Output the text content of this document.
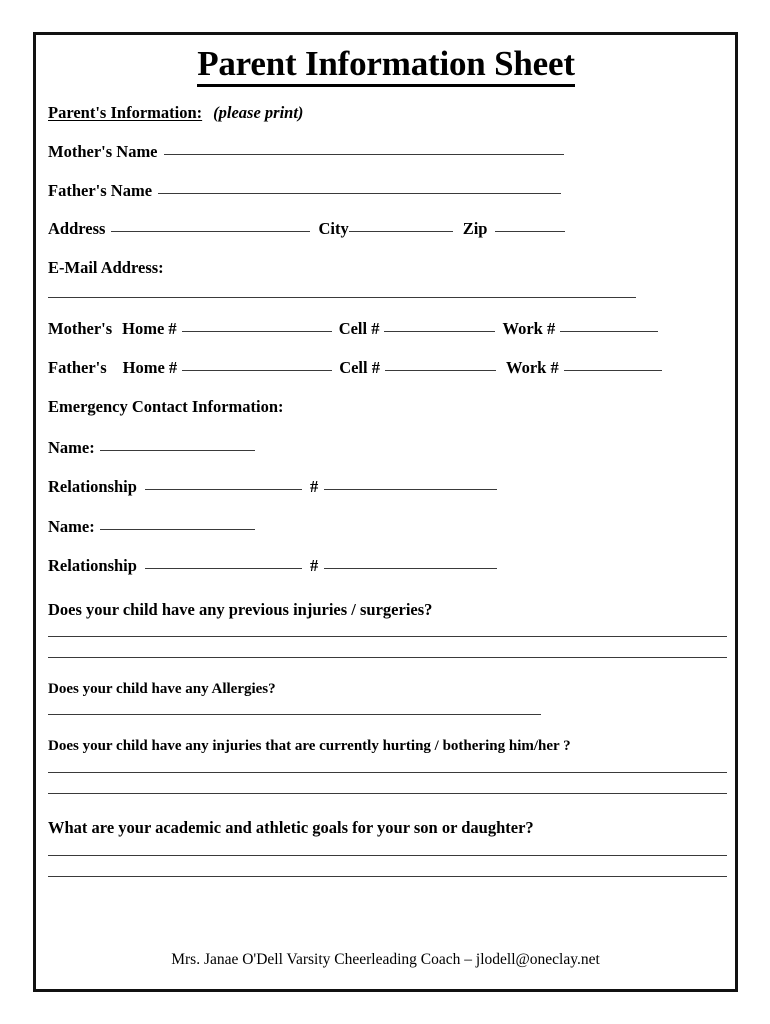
Parent Information Sheet
Parent's Information: (please print)
Mother's Name
Father's Name
Address	City	Zip
E-Mail Address:
Mother's Home #	Cell #	Work #
Father's Home #	Cell #	Work #
Emergency Contact Information:
Name:
Relationship	#
Name:
Relationship	#
Does your child have any previous injuries / surgeries?
Does your child have any Allergies?
Does your child have any injuries that are currently hurting / bothering him/her ?
What are your academic and athletic goals for your son or daughter?
Mrs. Janae O'Dell Varsity Cheerleading Coach – jlodell@oneclay.net
